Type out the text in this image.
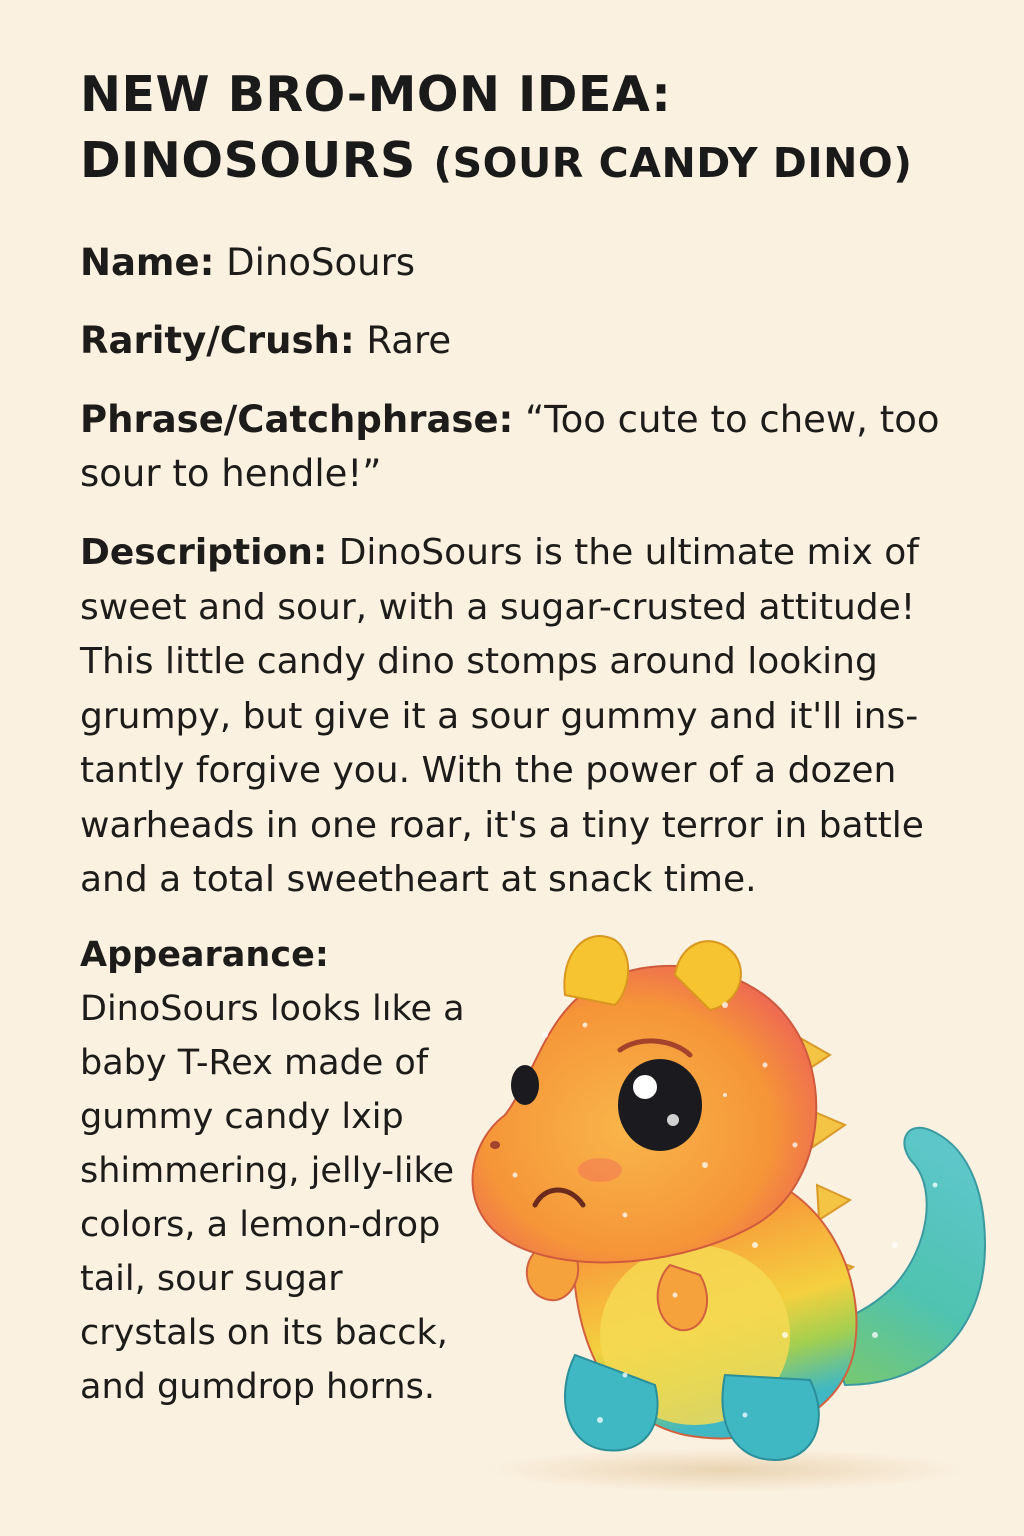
NEW BRO-MON IDEA:
DINOSOURS (SOUR CANDY DINO)

Name: DinoSours

Rarity/Crush: Rare

Phrase/Catchphrase: “Too cute to chew, too sour to hendle!”

Description: DinoSours is the ultimate mix of sweet and sour, with a sugar-crusted attitude! This little candy dino stomps around looking grumpy, but give it a sour gummy and it'll ins-tantly forgive you. With the power of a dozen warheads in one roar, it's a tiny terror in battle and a total sweetheart at snack time.

Appearance:
DinoSours looks lıke a baby T-Rex made of gummy candy lxip shimmering, jelly-like colors, a lemon-drop tail, sour sugar crystals on its bacck, and gumdrop horns.
